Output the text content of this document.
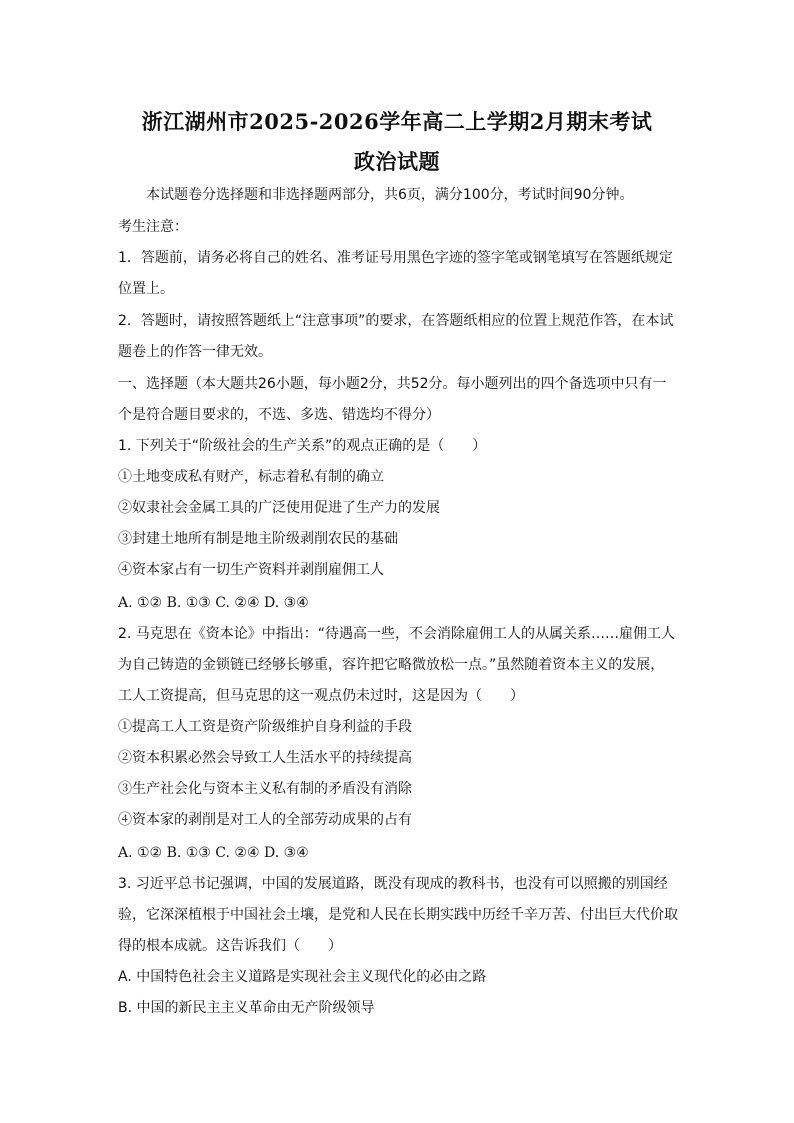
浙江湖州市2025-2026学年高二上学期2月期末考试
政治试题
本试题卷分选择题和非选择题两部分，共6页，满分100分，考试时间90分钟。
考生注意：
1．答题前，请务必将自己的姓名、准考证号用黑色字迹的签字笔或钢笔填写在答题纸规定
位置上。
2．答题时，请按照答题纸上“注意事项”的要求，在答题纸相应的位置上规范作答，在本试
题卷上的作答一律无效。
一、选择题（本大题共26小题，每小题2分，共52分。每小题列出的四个备选项中只有一
个是符合题目要求的，不选、多选、错选均不得分）
1. 下列关于“阶级社会的生产关系”的观点正确的是（　　）
①土地变成私有财产，标志着私有制的确立
②奴隶社会金属工具的广泛使用促进了生产力的发展
③封建土地所有制是地主阶级剥削农民的基础
④资本家占有一切生产资料并剥削雇佣工人
A. ①② B. ①③ C. ②④ D. ③④
2. 马克思在《资本论》中指出：“待遇高一些，不会消除雇佣工人的从属关系……雇佣工人
为自己铸造的金锁链已经够长够重，容许把它略微放松一点。”虽然随着资本主义的发展，
工人工资提高，但马克思的这一观点仍未过时，这是因为（　　）
①提高工人工资是资产阶级维护自身利益的手段
②资本积累必然会导致工人生活水平的持续提高
③生产社会化与资本主义私有制的矛盾没有消除
④资本家的剥削是对工人的全部劳动成果的占有
A. ①② B. ①③ C. ②④ D. ③④
3. 习近平总书记强调，中国的发展道路，既没有现成的教科书，也没有可以照搬的别国经
验，它深深植根于中国社会土壤，是党和人民在长期实践中历经千辛万苦、付出巨大代价取
得的根本成就。这告诉我们（　　）
A. 中国特色社会主义道路是实现社会主义现代化的必由之路
B. 中国的新民主主义革命由无产阶级领导
